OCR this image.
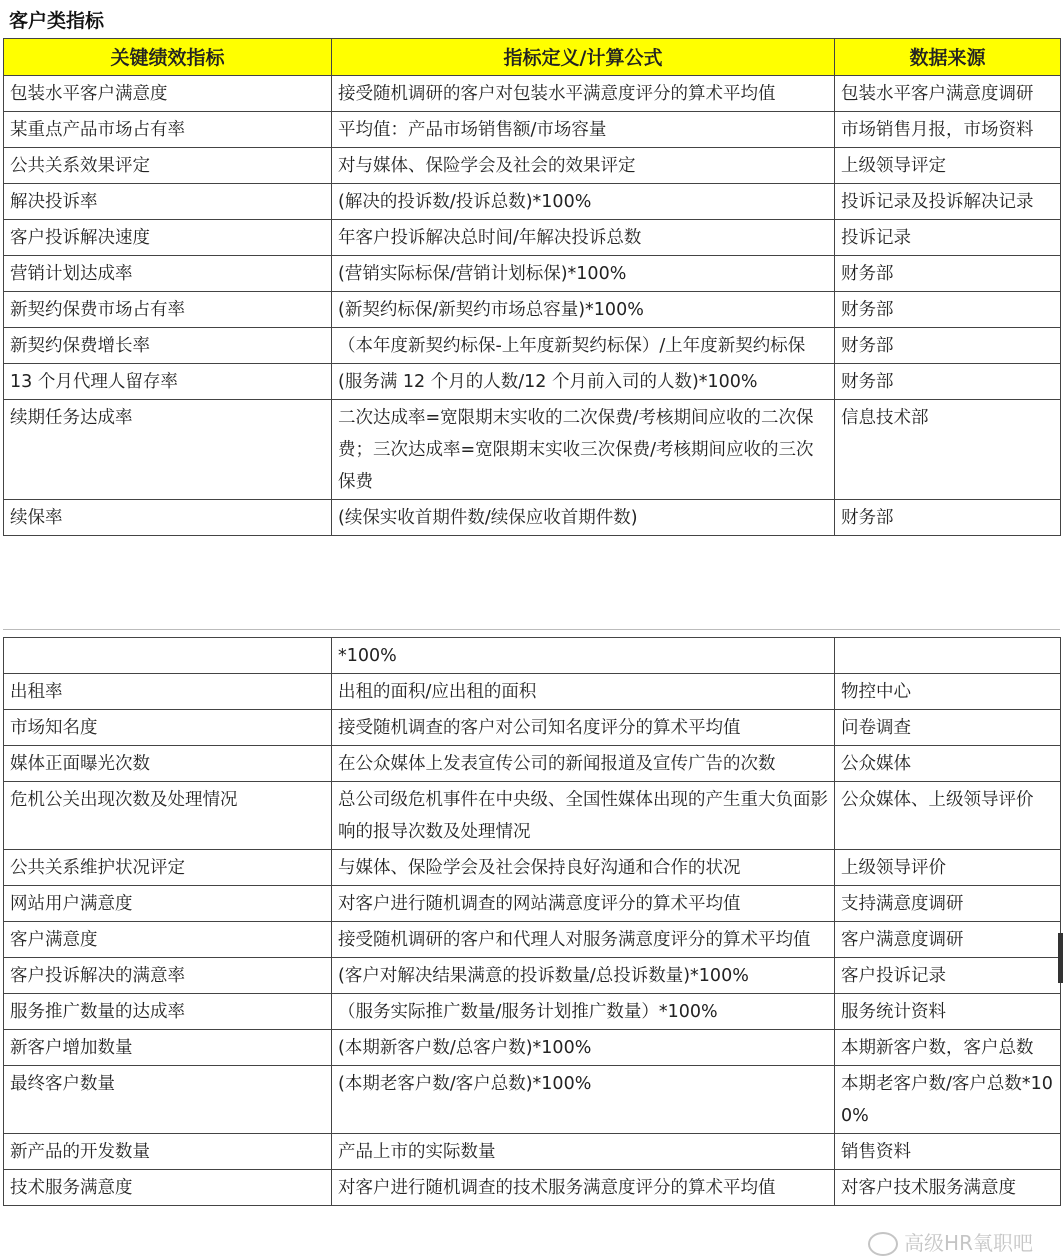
客户类指标
关键绩效指标	指标定义/计算公式	数据来源
包装水平客户满意度	接受随机调研的客户对包装水平满意度评分的算术平均值	包装水平客户满意度调研
某重点产品市场占有率	平均值：产品市场销售额/市场容量	市场销售月报，市场资料
公共关系效果评定	对与媒体、保险学会及社会的效果评定	上级领导评定
解决投诉率	(解决的投诉数/投诉总数)*100%	投诉记录及投诉解决记录
客户投诉解决速度	年客户投诉解决总时间/年解决投诉总数	投诉记录
营销计划达成率	(营销实际标保/营销计划标保)*100%	财务部
新契约保费市场占有率	(新契约标保/新契约市场总容量)*100%	财务部
新契约保费增长率	（本年度新契约标保-上年度新契约标保）/上年度新契约标保	财务部
13 个月代理人留存率	(服务满 12 个月的人数/12 个月前入司的人数)*100%	财务部
续期任务达成率	二次达成率=宽限期末实收的二次保费/考核期间应收的二次保费；三次达成率=宽限期末实收三次保费/考核期间应收的三次保费	信息技术部
续保率	(续保实收首期件数/续保应收首期件数)	财务部
	*100%	
出租率	出租的面积/应出租的面积	物控中心
市场知名度	接受随机调查的客户对公司知名度评分的算术平均值	问卷调查
媒体正面曝光次数	在公众媒体上发表宣传公司的新闻报道及宣传广告的次数	公众媒体
危机公关出现次数及处理情况	总公司级危机事件在中央级、全国性媒体出现的产生重大负面影响的报导次数及处理情况	公众媒体、上级领导评价
公共关系维护状况评定	与媒体、保险学会及社会保持良好沟通和合作的状况	上级领导评价
网站用户满意度	对客户进行随机调查的网站满意度评分的算术平均值	支持满意度调研
客户满意度	接受随机调研的客户和代理人对服务满意度评分的算术平均值	客户满意度调研
客户投诉解决的满意率	(客户对解决结果满意的投诉数量/总投诉数量)*100%	客户投诉记录
服务推广数量的达成率	（服务实际推广数量/服务计划推广数量）*100%	服务统计资料
新客户增加数量	(本期新客户数/总客户数)*100%	本期新客户数，客户总数
最终客户数量	(本期老客户数/客户总数)*100%	本期老客户数/客户总数*100%
新产品的开发数量	产品上市的实际数量	销售资料
技术服务满意度	对客户进行随机调查的技术服务满意度评分的算术平均值	对客户技术服务满意度
高级HR氧职吧
